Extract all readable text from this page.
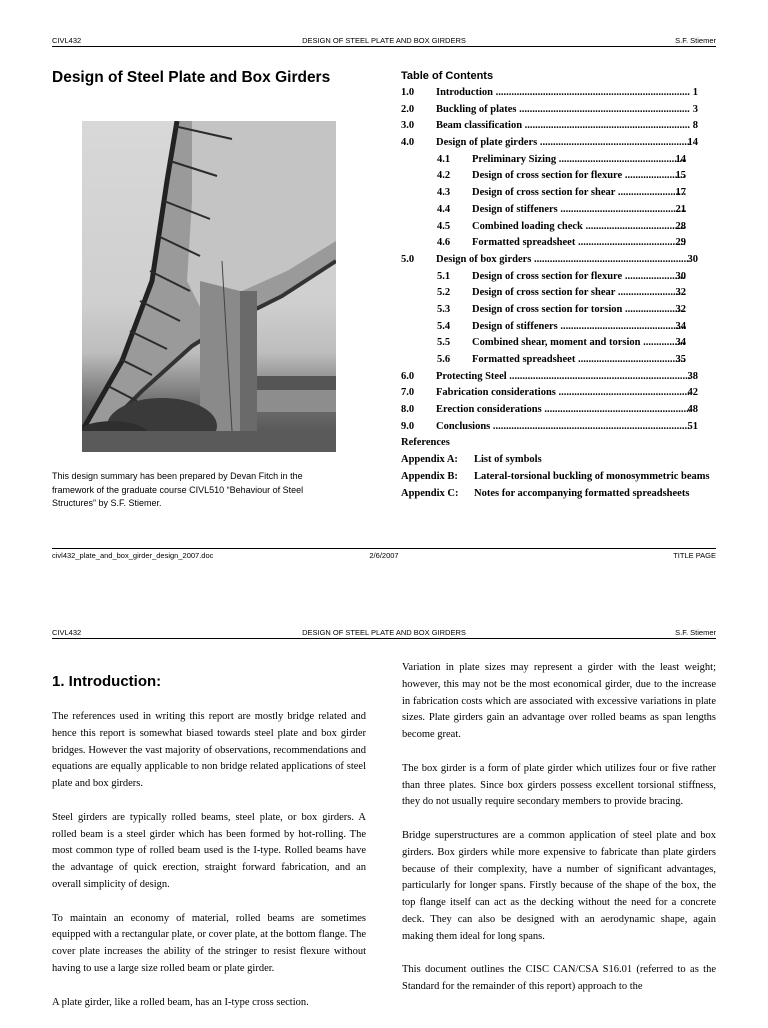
CIVL432	DESIGN OF STEEL PLATE AND BOX GIRDERS	S.F. Stiemer
Design of Steel Plate and Box Girders
This design summary has been prepared by Devan Fitch in the framework of the graduate course CIVL510 “Behaviour of Steel Structures” by S.F. Stiemer.
Table of Contents
1.0 Introduction .....	1
2.0 Buckling of plates .....	3
3.0 Beam classification .....	8
4.0 Design of plate girders .....	14
4.1 Preliminary Sizing .....	14
4.2 Design of cross section for flexure .....	15
4.3 Design of cross section for shear .....	17
4.4 Design of stiffeners .....	21
4.5 Combined loading check .....	28
4.6 Formatted spreadsheet .....	29
5.0 Design of box girders .....	30
5.1 Design of cross section for flexure .....	30
5.2 Design of cross section for shear .....	32
5.3 Design of cross section for torsion .....	32
5.4 Design of stiffeners .....	34
5.5 Combined shear, moment and torsion .....	34
5.6 Formatted spreadsheet .....	35
6.0 Protecting Steel .....	38
7.0 Fabrication considerations .....	42
8.0 Erection considerations .....	48
9.0 Conclusions .....	51
References
Appendix A: List of symbols
Appendix B: Lateral-torsional buckling of monosymmetric beams
Appendix C: Notes for accompanying formatted spreadsheets
civl432_plate_and_box_girder_design_2007.doc	2/6/2007	TITLE PAGE
CIVL432	DESIGN OF STEEL PLATE AND BOX GIRDERS	S.F. Stiemer
1. Introduction:

The references used in writing this report are mostly bridge related and hence this report is somewhat biased towards steel plate and box girder bridges. However the vast majority of observations, recommendations and equations are equally applicable to non bridge related applications of steel plate and box girders.

Steel girders are typically rolled beams, steel plate, or box girders. A rolled beam is a steel girder which has been formed by hot-rolling. The most common type of rolled beam used is the I-type. Rolled beams have the advantage of quick erection, straight forward fabrication, and an overall simplicity of design.

To maintain an economy of material, rolled beams are sometimes equipped with a rectangular plate, or cover plate, at the bottom flange. The cover plate increases the ability of the stringer to resist flexure without having to use a large size rolled beam or plate girder.

A plate girder, like a rolled beam, has an I-type cross section.

Variation in plate sizes may represent a girder with the least weight; however, this may not be the most economical girder, due to the increase in fabrication costs which are associated with excessive variations in plate sizes. Plate girders gain an advantage over rolled beams as span lengths become great.

The box girder is a form of plate girder which utilizes four or five rather than three plates. Since box girders possess excellent torsional stiffness, they do not usually require secondary members to provide bracing.

Bridge superstructures are a common application of steel plate and box girders. Box girders while more expensive to fabricate than plate girders because of their complexity, have a number of significant advantages, particularly for longer spans. Firstly because of the shape of the box, the top flange itself can act as the decking without the need for a concrete deck. They can also be designed with an aerodynamic shape, again making them ideal for long spans.

This document outlines the CISC CAN/CSA S16.01 (referred to as the Standard for the remainder of this report) approach to the
